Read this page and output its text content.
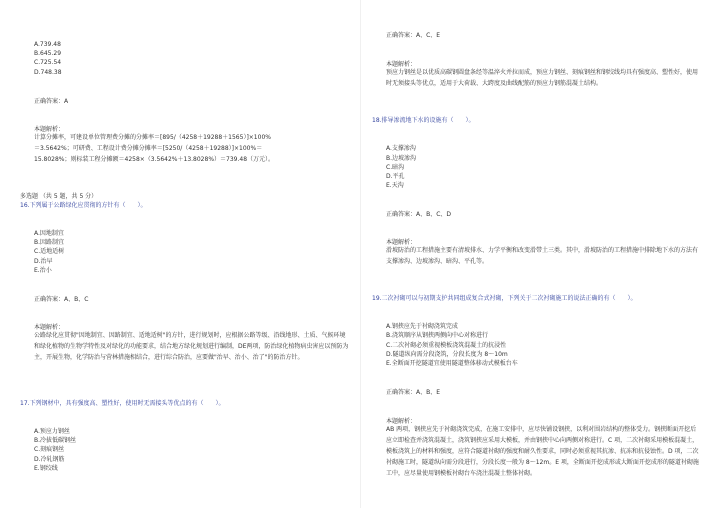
A.739.48
B.645.29
C.725.54
D.748.38
正确答案：A
本题解析：
计算分摊率，可建设单位管理费分摊的分摊率＝[895/（4258＋19288＋1565）]×100%＝3.5642%；可研费、工程设计费分摊分摊率＝[5250/（4258＋19288）]×100%＝15.8028%；则标装工程分摊额＝4258×（3.5642%＋13.8028%）＝739.48（万元）。
多选题 （共 5 题，共 5 分）
16.下列属于公路绿化应贯彻的方针有（　　）。
A.因地制宜
B.因路制宜
C.适地适树
D.治早
E.治小
正确答案：A、B、C
本题解析：
公路绿化应贯彻"因地制宜、因路制宜、适地适树"的方针，进行规划时，应根据公路等级、沿线地形、土质、气候环境和绿化植物的生物学特性及对绿化的功能要求，结合地方绿化规划进行编制，DE两项，防治绿化植物病虫害应以预防为主，开展生物，化学防治与营林措施相结合，进行综合防治，应要做"治早、治小、治了"的防治方针。
17.下列钢材中，具有强度高、塑性好，使用时无需接头等优点的有（　　）。
A.预应力钢丝
B.冷拔低碳钢丝
C.刻痕钢丝
D.冷轧钢筋
E.钢绞线
正确答案：A、C、E
本题解析：
预应力钢丝是以优质高碳钢圆盘条经等温淬火并拉而成，预应力钢丝、刻痕钢丝和钢绞线均具有强度高、塑性好，使用时无须接头等优点，适用于大荷载、大跨度及曲线配筋的预应力钢筋混凝土结构。
18.排导渗流地下水的设施有（　　）。
A.支撑渗沟
B.边坡渗沟
C.暗沟
D.平孔
E.天沟
正确答案：A、B、C、D
本题解析：
滑坡防治的工程措施主要有清坡排水、力学平衡和改变滑带土三类。其中，滑坡防治的工程措施中排除地下水的方法有支撑渗沟、边坡渗沟、暗沟、平孔等。
19.二次衬砌可以与初期支护共同组成复合式衬砌，下列关于二次衬砌施工的说法正确的有（　　）。
A.钢挟应先于衬砌浇筑完成
B.浇筑顺序从钢挟两侧向中心对称进行
C.二次衬砌必须重视模板浇筑混凝土的抗浸性
D.隧道纵向需分段浇筑，分段长度为 8～10m
E.全断面开挖隧道宜使用隧道整体移动式模板台车
正确答案：A、B、E
本题解析：
AB 两项，钢挟应先于衬砌浇筑完成，在施工安排中，应尽快铺设钢挟，以利对围岩结构的整体受力。钢挟断面开挖后应立即检查并浇筑混凝土，浇筑钢挟应采用大模板，并由钢挟中心向两侧对称进行。C 项，二次衬砌采用模板混凝土，模板浇筑上的材料和强度，应符合隧道衬砌的强度和耐久性要求，同时必须重视其抗渗、抗冻和抗侵蚀性。D 项，二次衬砌施工时，隧道纵向需分段进行，分段长度一般为 8～12m。E 项，全断面开挖成形或大断面开挖成形的隧道衬砌施工中，应尽量使用钢模板衬砌台车浇注混凝土整体衬砌。
